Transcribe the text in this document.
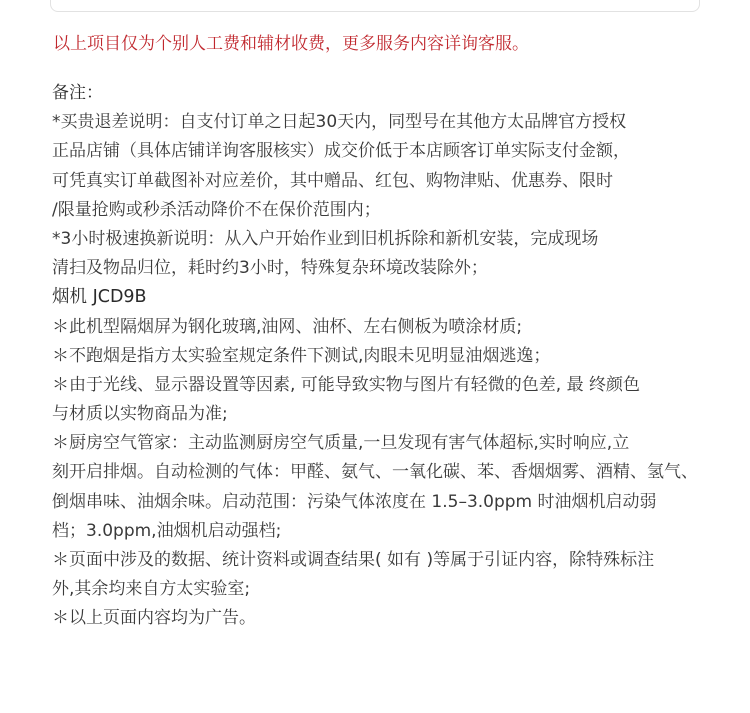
以上项目仅为个别人工费和辅材收费，更多服务内容详询客服。
备注：
*买贵退差说明：自支付订单之日起30天内，同型号在其他方太品牌官方授权
正品店铺（具体店铺详询客服核实）成交价低于本店顾客订单实际支付金额，
可凭真实订单截图补对应差价，其中赠品、红包、购物津贴、优惠券、限时
/限量抢购或秒杀活动降价不在保价范围内；
*3小时极速换新说明：从入户开始作业到旧机拆除和新机安装，完成现场
清扫及物品归位，耗时约3小时，特殊复杂环境改装除外；
烟机 JCD9B
＊此机型隔烟屏为钢化玻璃,油网、油杯、左右侧板为喷涂材质;
＊不跑烟是指方太实验室规定条件下测试,肉眼未见明显油烟逃逸；
＊由于光线、显示器设置等因素, 可能导致实物与图片有轻微的色差, 最 终颜色
与材质以实物商品为准;
＊厨房空气管家：主动监测厨房空气质量,一旦发现有害气体超标,实时响应,立
刻开启排烟。自动检测的气体：甲醛、氨气、一氧化碳、苯、香烟烟雾、酒精、氢气、
倒烟串味、油烟余味。启动范围：污染气体浓度在 1.5–3.0ppm 时油烟机启动弱
档；3.0ppm,油烟机启动强档;
＊页面中涉及的数据、统计资料或调查结果( 如有 )等属于引证内容，除特殊标注
外,其余均来自方太实验室;
＊以上页面内容均为广告。
